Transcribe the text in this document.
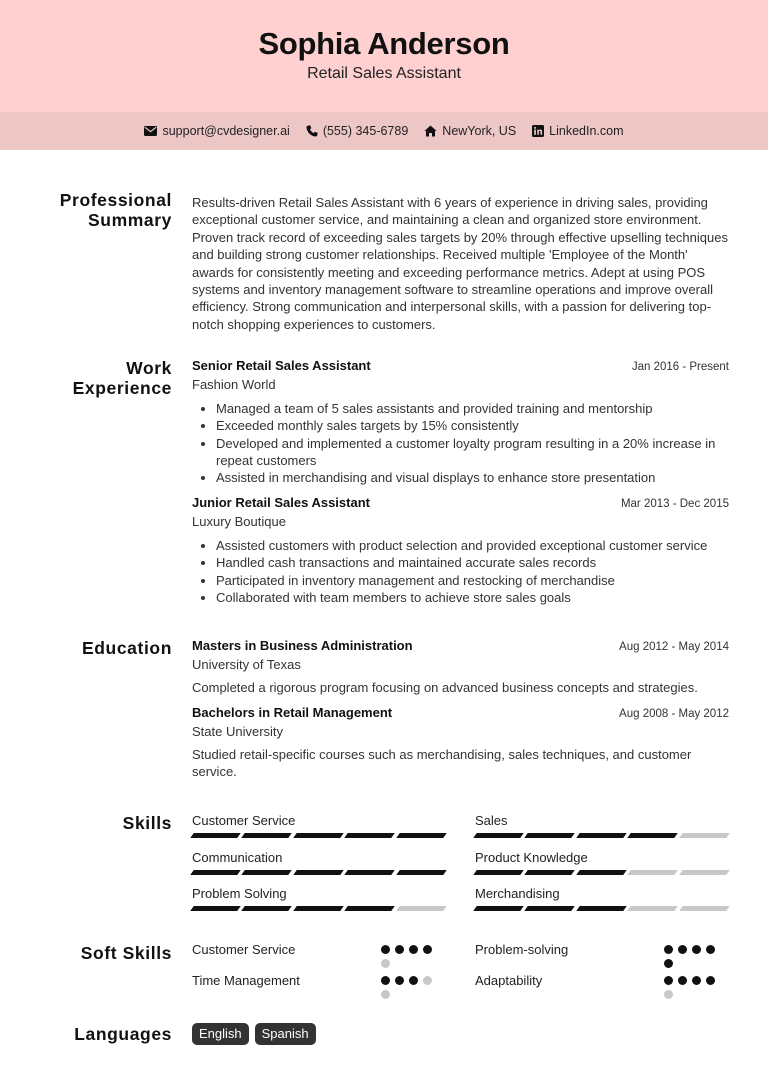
Sophia Anderson
Retail Sales Assistant
support@cvdesigner.ai	(555) 345-6789	NewYork, US	LinkedIn.com
Professional
Summary
Results-driven Retail Sales Assistant with 6 years of experience in driving sales, providing exceptional customer service, and maintaining a clean and organized store environment. Proven track record of exceeding sales targets by 20% through effective upselling techniques and building strong customer relationships. Received multiple 'Employee of the Month' awards for consistently meeting and exceeding performance metrics. Adept at using POS systems and inventory management software to streamline operations and improve overall efficiency. Strong communication and interpersonal skills, with a passion for delivering top-notch shopping experiences to customers.
Work
Experience
Senior Retail Sales Assistant	Jan 2016 - Present
Fashion World
• Managed a team of 5 sales assistants and provided training and mentorship
• Exceeded monthly sales targets by 15% consistently
• Developed and implemented a customer loyalty program resulting in a 20% increase in repeat customers
• Assisted in merchandising and visual displays to enhance store presentation
Junior Retail Sales Assistant	Mar 2013 - Dec 2015
Luxury Boutique
• Assisted customers with product selection and provided exceptional customer service
• Handled cash transactions and maintained accurate sales records
• Participated in inventory management and restocking of merchandise
• Collaborated with team members to achieve store sales goals
Education Masters in Business Administration	Aug 2012 - May 2014
University of Texas
Completed a rigorous program focusing on advanced business concepts and strategies.
Bachelors in Retail Management	Aug 2008 - May 2012
State University
Studied retail-specific courses such as merchandising, sales techniques, and customer service.
Skills Customer Service	Sales
Communication	Product Knowledge
Problem Solving	Merchandising
Soft Skills Customer Service	Problem-solving
Time Management	Adaptability
Languages	English	Spanish
